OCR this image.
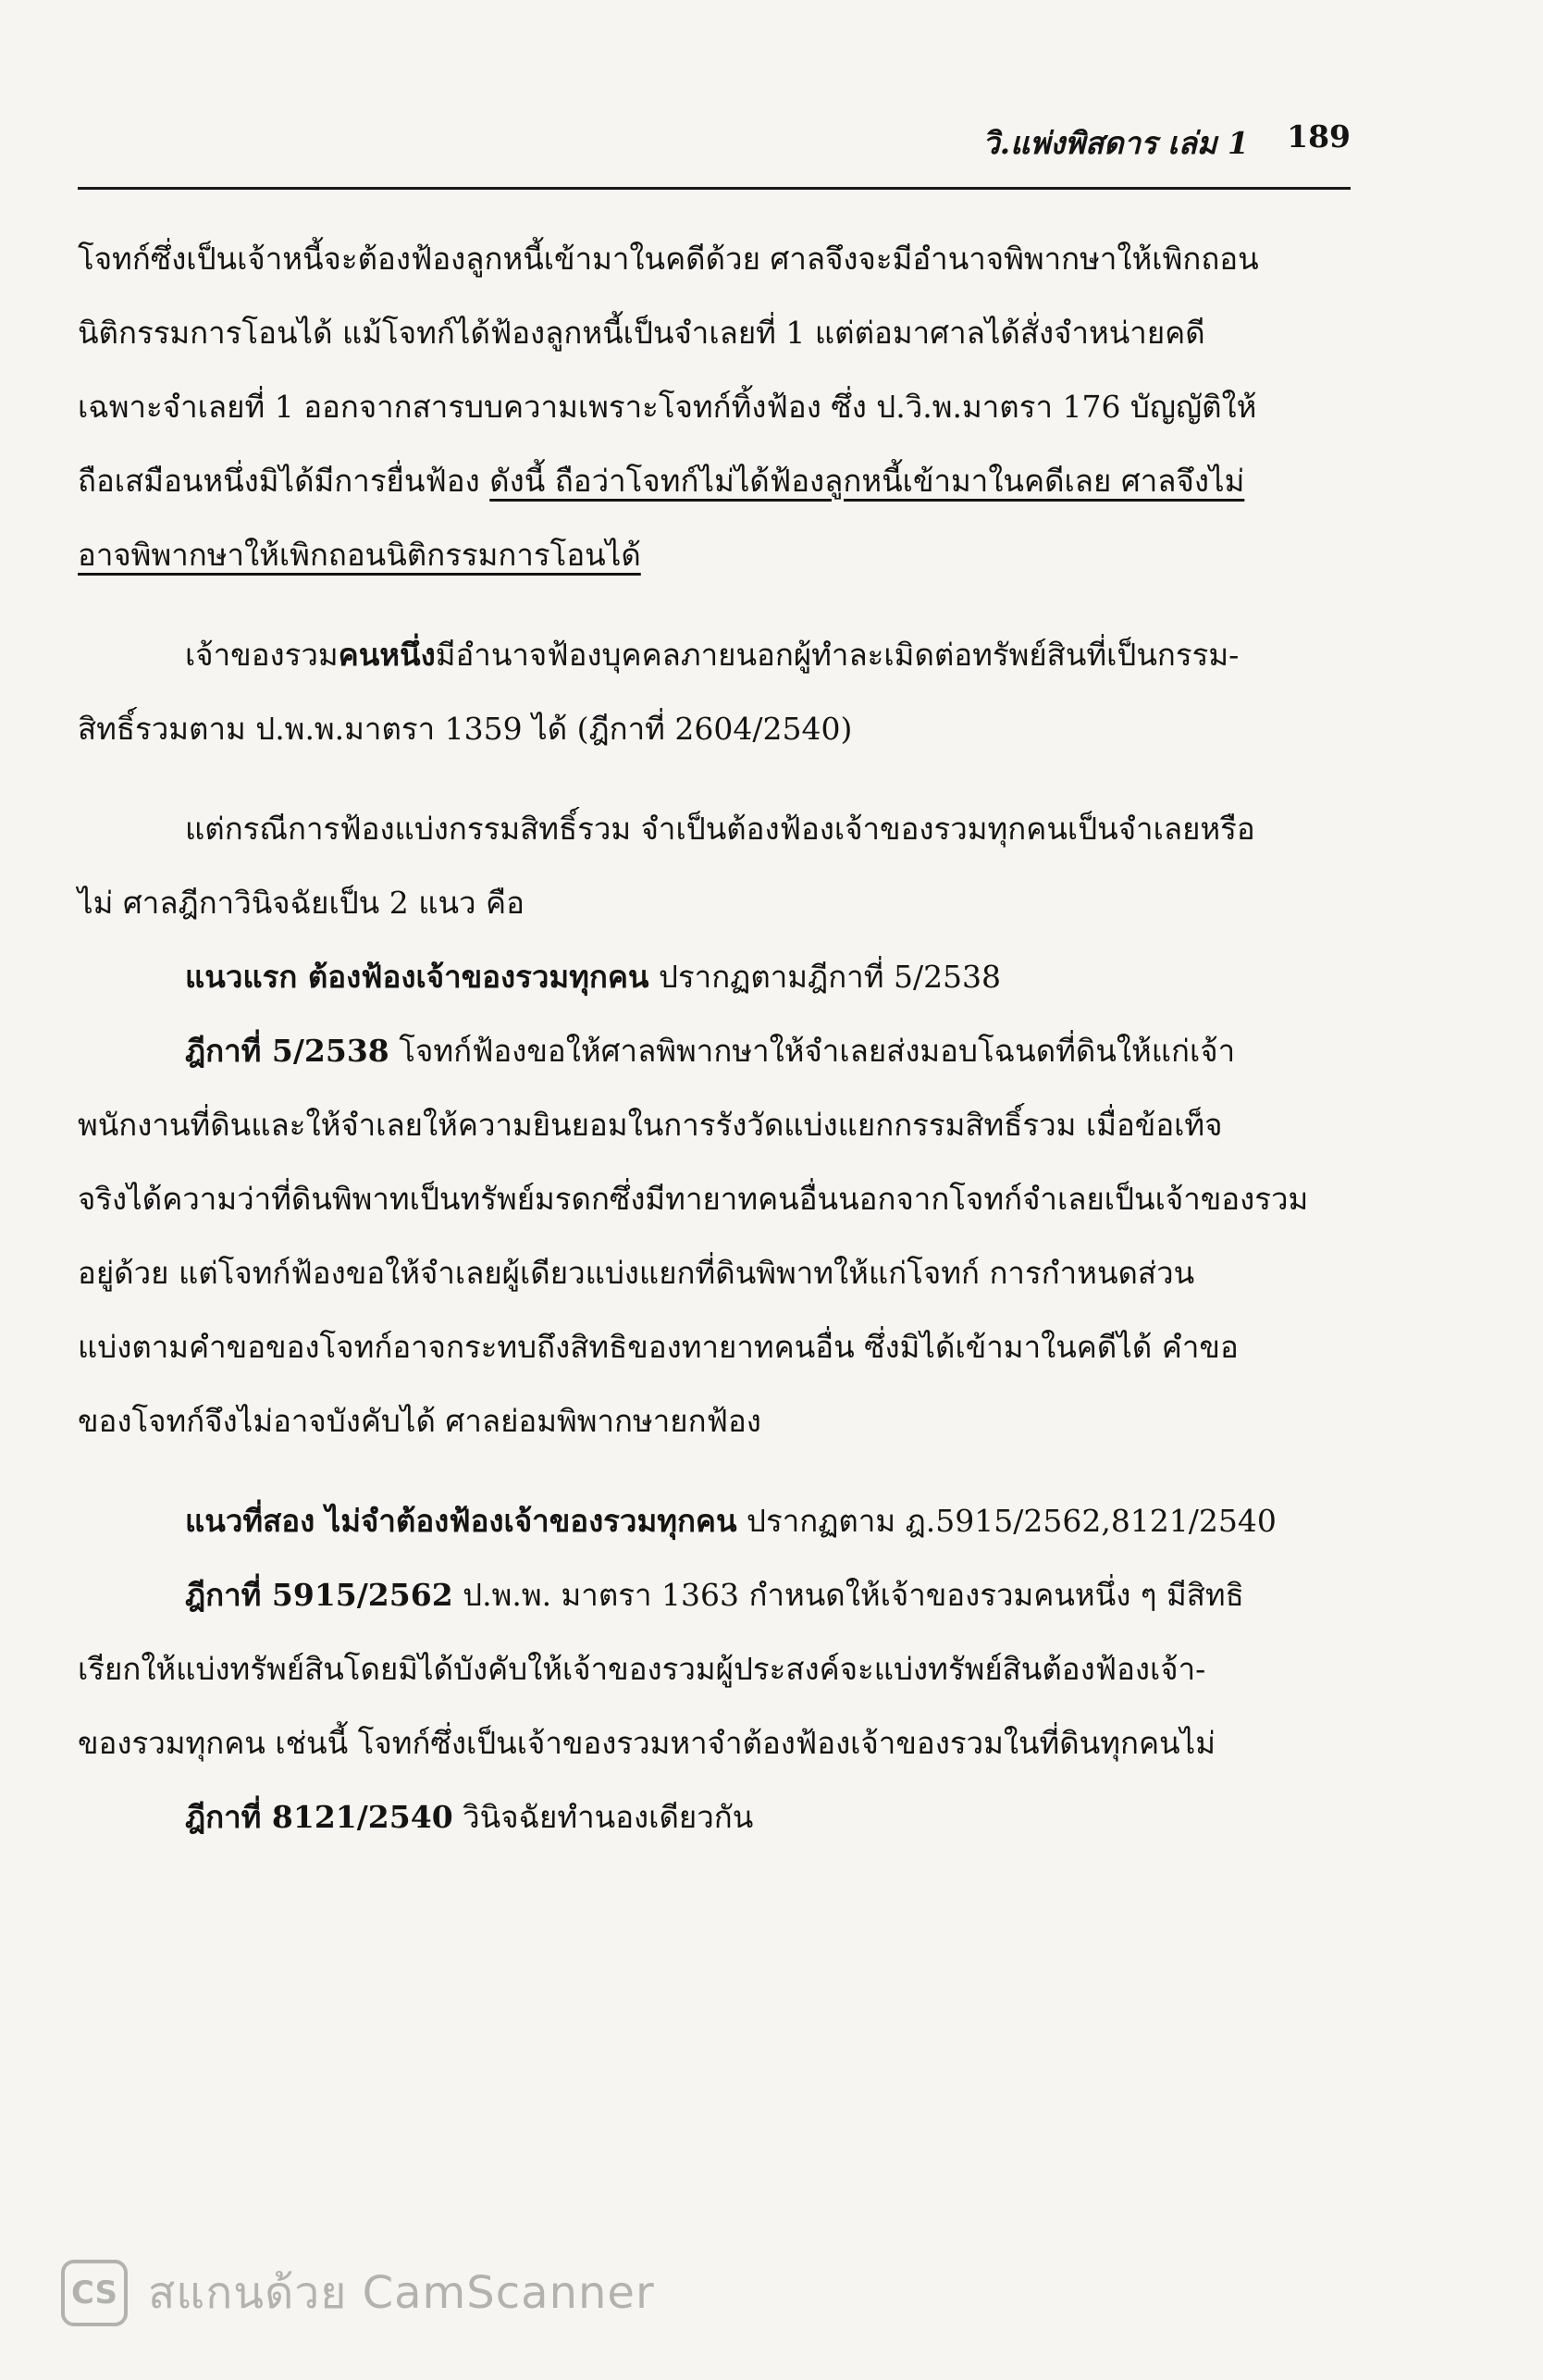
วิ.แพ่งพิสดาร เล่ม 1 189

โจทก์ซึ่งเป็นเจ้าหนี้จะต้องฟ้องลูกหนี้เข้ามาในคดีด้วย ศาลจึงจะมีอำนาจพิพากษาให้เพิกถอน
นิติกรรมการโอนได้ แม้โจทก์ได้ฟ้องลูกหนี้เป็นจำเลยที่ 1 แต่ต่อมาศาลได้สั่งจำหน่ายคดี
เฉพาะจำเลยที่ 1 ออกจากสารบบความเพราะโจทก์ทิ้งฟ้อง ซึ่ง ป.วิ.พ.มาตรา 176 บัญญัติให้
ถือเสมือนหนึ่งมิได้มีการยื่นฟ้อง ดังนี้ ถือว่าโจทก์ไม่ได้ฟ้องลูกหนี้เข้ามาในคดีเลย ศาลจึงไม่
อาจพิพากษาให้เพิกถอนนิติกรรมการโอนได้

เจ้าของรวมคนหนึ่งมีอำนาจฟ้องบุคคลภายนอกผู้ทำละเมิดต่อทรัพย์สินที่เป็นกรรม-
สิทธิ์รวมตาม ป.พ.พ.มาตรา 1359 ได้ (ฎีกาที่ 2604/2540)

แต่กรณีการฟ้องแบ่งกรรมสิทธิ์รวม จำเป็นต้องฟ้องเจ้าของรวมทุกคนเป็นจำเลยหรือ
ไม่ ศาลฎีกาวินิจฉัยเป็น 2 แนว คือ

แนวแรก ต้องฟ้องเจ้าของรวมทุกคน ปรากฏตามฎีกาที่ 5/2538

ฎีกาที่ 5/2538 โจทก์ฟ้องขอให้ศาลพิพากษาให้จำเลยส่งมอบโฉนดที่ดินให้แก่เจ้า
พนักงานที่ดินและให้จำเลยให้ความยินยอมในการรังวัดแบ่งแยกกรรมสิทธิ์รวม เมื่อข้อเท็จ
จริงได้ความว่าที่ดินพิพาทเป็นทรัพย์มรดกซึ่งมีทายาทคนอื่นนอกจากโจทก์จำเลยเป็นเจ้าของรวม
อยู่ด้วย แต่โจทก์ฟ้องขอให้จำเลยผู้เดียวแบ่งแยกที่ดินพิพาทให้แก่โจทก์ การกำหนดส่วน
แบ่งตามคำขอของโจทก์อาจกระทบถึงสิทธิของทายาทคนอื่น ซึ่งมิได้เข้ามาในคดีได้ คำขอ
ของโจทก์จึงไม่อาจบังคับได้ ศาลย่อมพิพากษายกฟ้อง

แนวที่สอง ไม่จำต้องฟ้องเจ้าของรวมทุกคน ปรากฏตาม ฎ.5915/2562,8121/2540

ฎีกาที่ 5915/2562 ป.พ.พ. มาตรา 1363 กำหนดให้เจ้าของรวมคนหนึ่ง ๆ มีสิทธิ
เรียกให้แบ่งทรัพย์สินโดยมิได้บังคับให้เจ้าของรวมผู้ประสงค์จะแบ่งทรัพย์สินต้องฟ้องเจ้า-
ของรวมทุกคน เช่นนี้ โจทก์ซึ่งเป็นเจ้าของรวมหาจำต้องฟ้องเจ้าของรวมในที่ดินทุกคนไม่

ฎีกาที่ 8121/2540 วินิจฉัยทำนองเดียวกัน

CS สแกนด้วย CamScanner
